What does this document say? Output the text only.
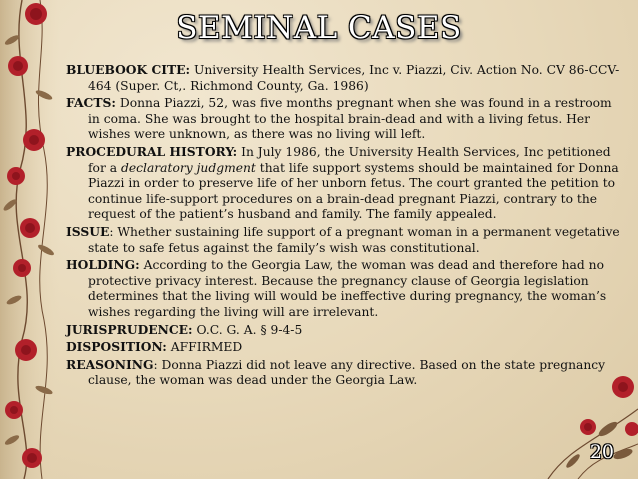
SEMINAL CASES

BLUEBOOK CITE: University Health Services, Inc v. Piazzi, Civ. Action No. CV 86-CCV-464 (Super. Ct,. Richmond County, Ga. 1986)

FACTS: Donna Piazzi, 52, was five months pregnant when she was found in a restroom in coma. She was brought to the hospital brain-dead and with a living fetus. Her wishes were unknown, as there was no living will left.

PROCEDURAL HISTORY: In July 1986, the University Health Services, Inc petitioned for a declaratory judgment that life support systems should be maintained for Donna Piazzi in order to preserve life of her unborn fetus. The court granted the petition to continue life-support procedures on a brain-dead pregnant Piazzi, contrary to the request of the patient’s husband and family. The family appealed.

ISSUE: Whether sustaining life support of a pregnant woman in a permanent vegetative state to safe fetus against the family’s wish was constitutional.

HOLDING: According to the Georgia Law, the woman was dead and therefore had no protective privacy interest. Because the pregnancy clause of Georgia legislation determines that the living will would be ineffective during pregnancy, the woman’s wishes regarding the living will are irrelevant.

JURISPRUDENCE: O.C. G. A. § 9-4-5

DISPOSITION: AFFIRMED

REASONING: Donna Piazzi did not leave any directive. Based on the state pregnancy clause, the woman was dead under the Georgia Law.

20
